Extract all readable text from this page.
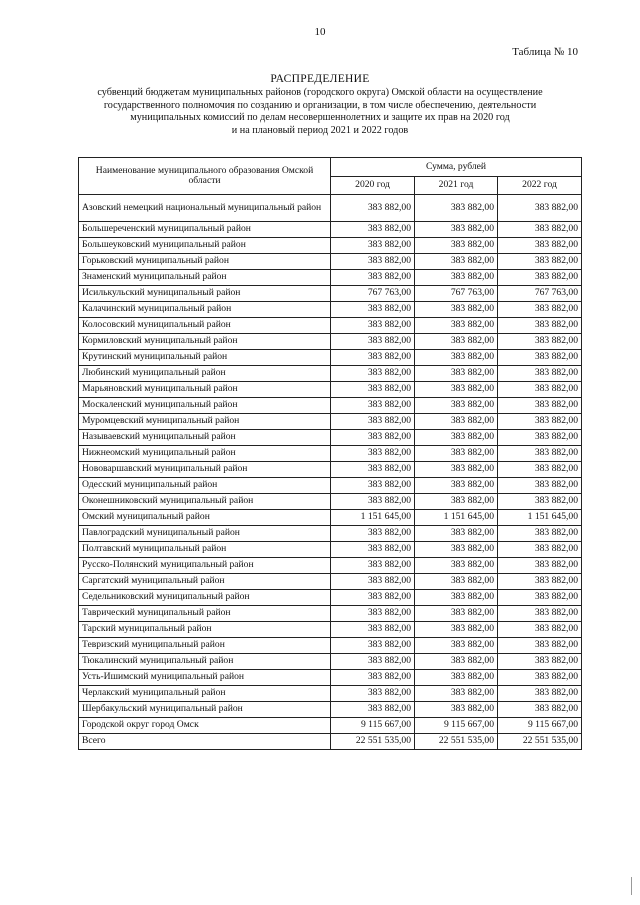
10
Таблица № 10
РАСПРЕДЕЛЕНИЕ
субвенций бюджетам муниципальных районов (городского округа) Омской области на осуществление
государственного полномочия по созданию и организации, в том числе обеспечению, деятельности
муниципальных комиссий по делам несовершеннолетних и защите их прав на 2020 год
и на плановый период 2021 и 2022 годов
Наименование муниципального образования Омской области	Сумма, рублей		
	2020 год	2021 год	2022 год
Азовский немецкий национальный муниципальный район	383 882,00	383 882,00	383 882,00
Большереченский муниципальный район	383 882,00	383 882,00	383 882,00
Большеуковский муниципальный район	383 882,00	383 882,00	383 882,00
Горьковский муниципальный район	383 882,00	383 882,00	383 882,00
Знаменский муниципальный район	383 882,00	383 882,00	383 882,00
Исилькульский муниципальный район	767 763,00	767 763,00	767 763,00
Калачинский муниципальный район	383 882,00	383 882,00	383 882,00
Колосовский муниципальный район	383 882,00	383 882,00	383 882,00
Кормиловский муниципальный район	383 882,00	383 882,00	383 882,00
Крутинский муниципальный район	383 882,00	383 882,00	383 882,00
Любинский муниципальный район	383 882,00	383 882,00	383 882,00
Марьяновский муниципальный район	383 882,00	383 882,00	383 882,00
Москаленский муниципальный район	383 882,00	383 882,00	383 882,00
Муромцевский муниципальный район	383 882,00	383 882,00	383 882,00
Называевский муниципальный район	383 882,00	383 882,00	383 882,00
Нижнеомский муниципальный район	383 882,00	383 882,00	383 882,00
Нововаршавский муниципальный район	383 882,00	383 882,00	383 882,00
Одесский муниципальный район	383 882,00	383 882,00	383 882,00
Оконешниковский муниципальный район	383 882,00	383 882,00	383 882,00
Омский муниципальный район	1 151 645,00	1 151 645,00	1 151 645,00
Павлоградский муниципальный район	383 882,00	383 882,00	383 882,00
Полтавский муниципальный район	383 882,00	383 882,00	383 882,00
Русско-Полянский муниципальный район	383 882,00	383 882,00	383 882,00
Саргатский муниципальный район	383 882,00	383 882,00	383 882,00
Седельниковский муниципальный район	383 882,00	383 882,00	383 882,00
Таврический муниципальный район	383 882,00	383 882,00	383 882,00
Тарский муниципальный район	383 882,00	383 882,00	383 882,00
Тевризский муниципальный район	383 882,00	383 882,00	383 882,00
Тюкалинский муниципальный район	383 882,00	383 882,00	383 882,00
Усть-Ишимский муниципальный район	383 882,00	383 882,00	383 882,00
Черлакский муниципальный район	383 882,00	383 882,00	383 882,00
Шербакульский муниципальный район	383 882,00	383 882,00	383 882,00
Городской округ город Омск	9 115 667,00	9 115 667,00	9 115 667,00
Всего	22 551 535,00	22 551 535,00	22 551 535,00
